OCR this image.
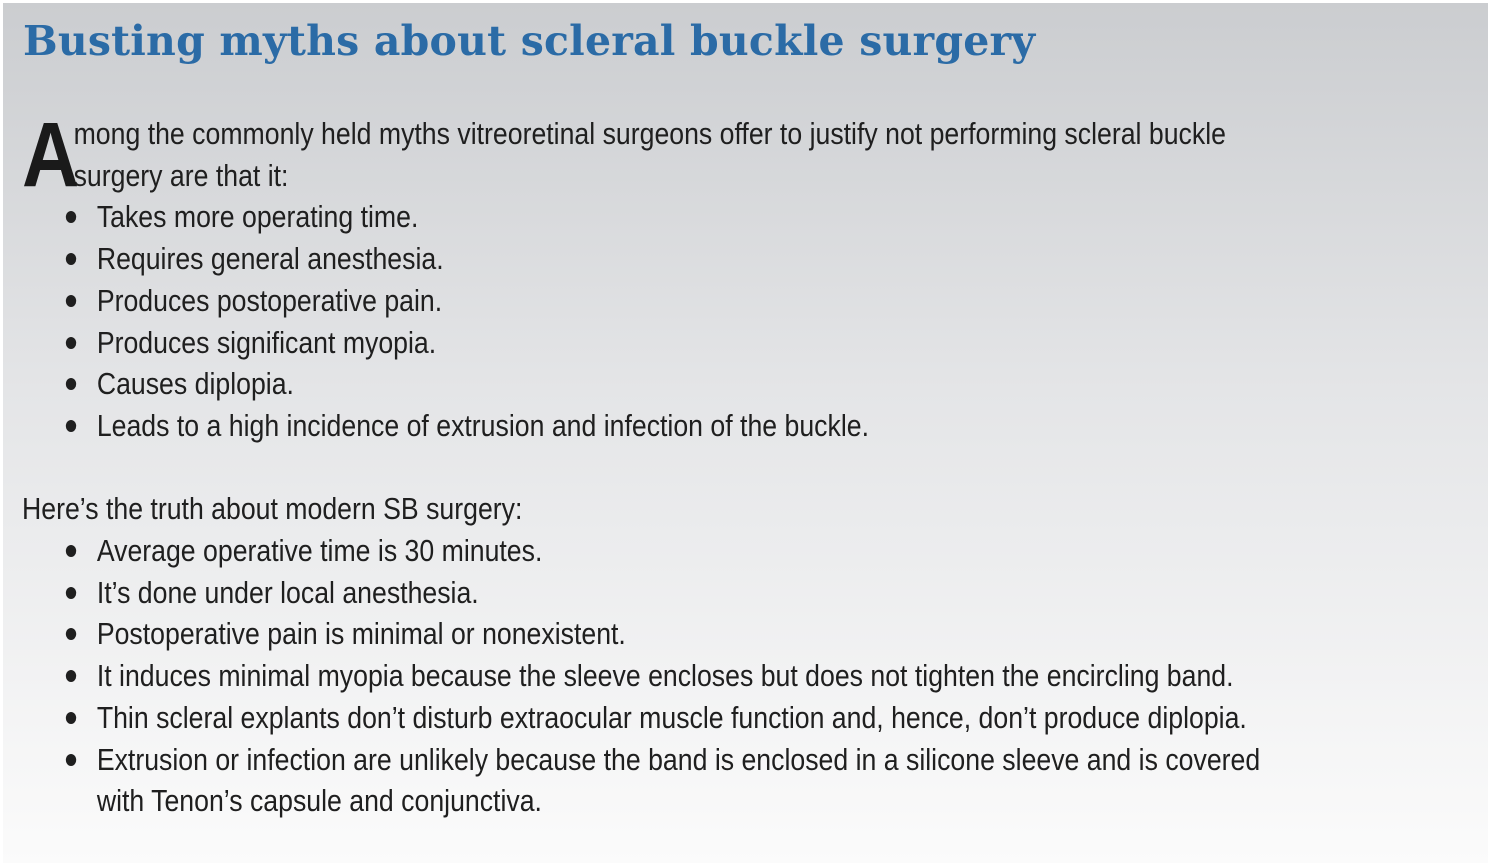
Busting myths about scleral buckle surgery

A
mong the commonly held myths vitreoretinal surgeons offer to justify not performing scleral buckle
surgery are that it:

Takes more operating time.
Requires general anesthesia.
Produces postoperative pain.
Produces significant myopia.
Causes diplopia.
Leads to a high incidence of extrusion and infection of the buckle.

Here’s the truth about modern SB surgery:

Average operative time is 30 minutes.
It’s done under local anesthesia.
Postoperative pain is minimal or nonexistent.
It induces minimal myopia because the sleeve encloses but does not tighten the encircling band.
Thin scleral explants don’t disturb extraocular muscle function and, hence, don’t produce diplopia.
Extrusion or infection are unlikely because the band is enclosed in a silicone sleeve and is covered
with Tenon’s capsule and conjunctiva.
